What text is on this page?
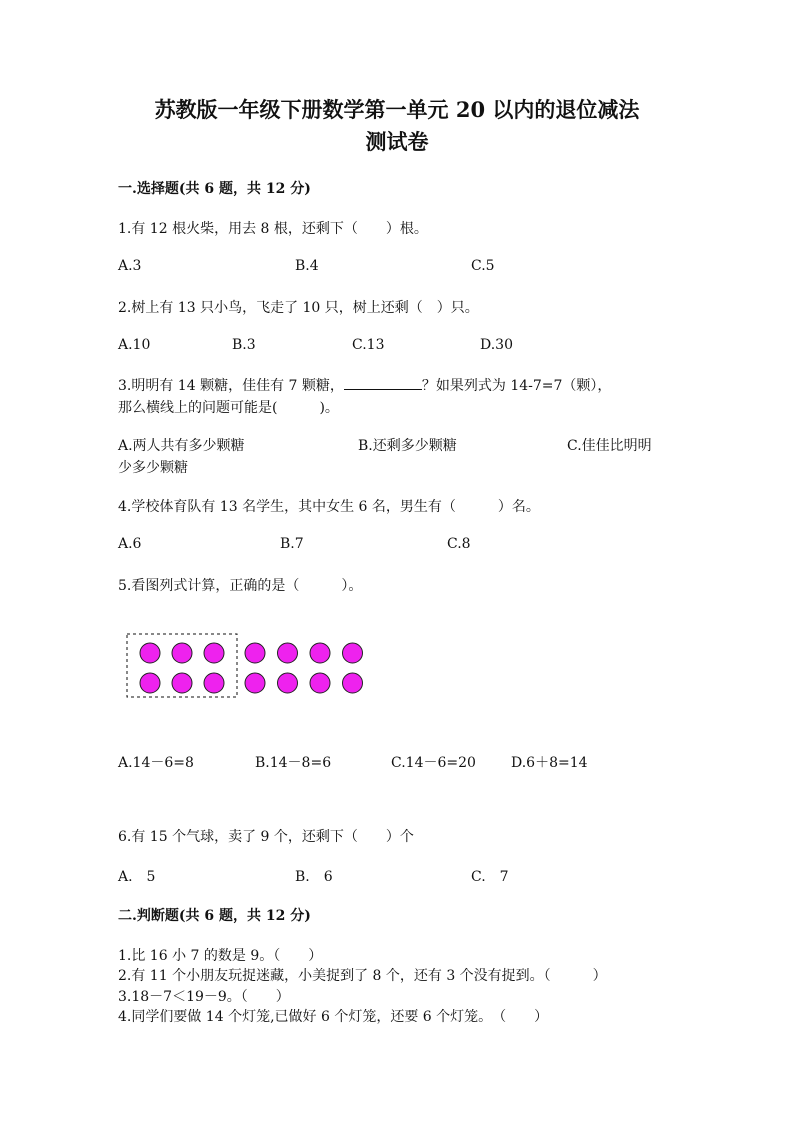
苏教版一年级下册数学第一单元 20 以内的退位减法
测试卷
一.选择题(共 6 题，共 12 分)
1.有 12 根火柴，用去 8 根，还剩下（　　）根。
A.3	B.4	C.5
2.树上有 13 只小鸟，飞走了 10 只，树上还剩（　）只。
A.10	B.3	C.13	D.30
3.明明有 14 颗糖，佳佳有 7 颗糖，	？如果列式为 14-7=7（颗），
那么横线上的问题可能是(　　　)。
A.两人共有多少颗糖	B.还剩多少颗糖	C.佳佳比明明
少多少颗糖
4.学校体育队有 13 名学生，其中女生 6 名，男生有（　　　）名。
A.6	B.7	C.8
5.看图列式计算，正确的是（　　　）。
A.14－6=8	B.14－8=6	C.14－6=20	D.6＋8=14
6.有 15 个气球，卖了 9 个，还剩下（　　）个
A.　5	B.　6	C.　7
二.判断题(共 6 题，共 12 分)
1.比 16 小 7 的数是 9。（　　）
2.有 11 个小朋友玩捉迷藏，小美捉到了 8 个，还有 3 个没有捉到。（　　　）
3.18－7＜19－9。（　　）
4.同学们要做 14 个灯笼,已做好 6 个灯笼，还要 6 个灯笼。　（　　）
